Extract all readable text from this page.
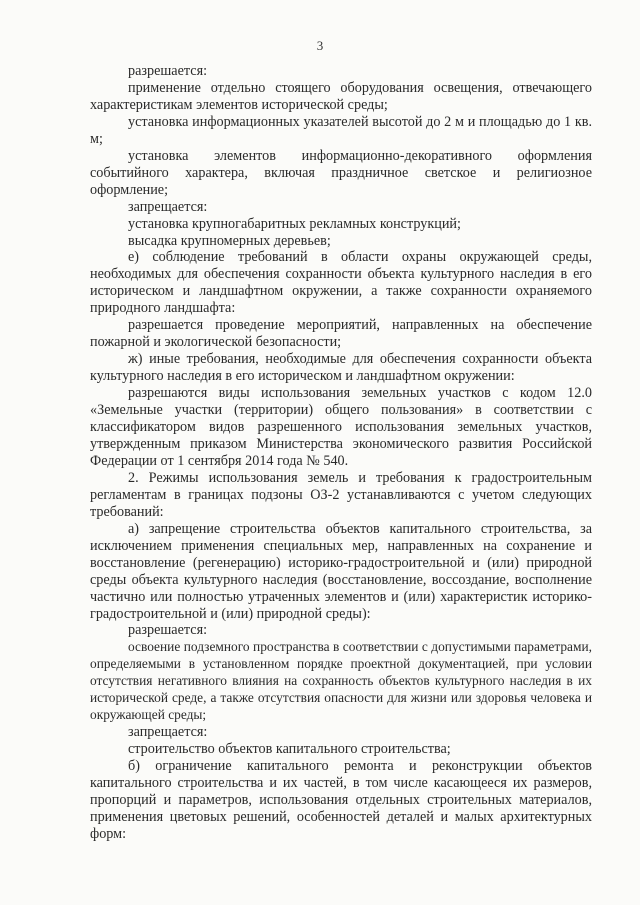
3

разрешается:

применение отдельно стоящего оборудования освещения, отвечающего характеристикам элементов исторической среды;

установка информационных указателей высотой до 2 м и площадью до 1 кв. м;

установка элементов информационно-декоративного оформления событийного характера, включая праздничное светское и религиозное оформление;

запрещается:

установка крупногабаритных рекламных конструкций;

высадка крупномерных деревьев;

е) соблюдение требований в области охраны окружающей среды, необходимых для обеспечения сохранности объекта культурного наследия в его историческом и ландшафтном окружении, а также сохранности охраняемого природного ландшафта:

разрешается проведение мероприятий, направленных на обеспечение пожарной и экологической безопасности;

ж) иные требования, необходимые для обеспечения сохранности объекта культурного наследия в его историческом и ландшафтном окружении:

разрешаются виды использования земельных участков с кодом 12.0 «Земельные участки (территории) общего пользования» в соответствии с классификатором видов разрешенного использования земельных участков, утвержденным приказом Министерства экономического развития Российской Федерации от 1 сентября 2014 года № 540.

2. Режимы использования земель и требования к градостроительным регламентам в границах подзоны ОЗ-2 устанавливаются с учетом следующих требований:

а) запрещение строительства объектов капитального строительства, за исключением применения специальных мер, направленных на сохранение и восстановление (регенерацию) историко-градостроительной и (или) природной среды объекта культурного наследия (восстановление, воссоздание, восполнение частично или полностью утраченных элементов и (или) характеристик историко-градостроительной и (или) природной среды):

разрешается:

освоение подземного пространства в соответствии с допустимыми параметрами, определяемыми в установленном порядке проектной документацией, при условии отсутствия негативного влияния на сохранность объектов культурного наследия в их исторической среде, а также отсутствия опасности для жизни или здоровья человека и окружающей среды;

запрещается:

строительство объектов капитального строительства;

б) ограничение капитального ремонта и реконструкции объектов капитального строительства и их частей, в том числе касающееся их размеров, пропорций и параметров, использования отдельных строительных материалов, применения цветовых решений, особенностей деталей и малых архитектурных форм:
